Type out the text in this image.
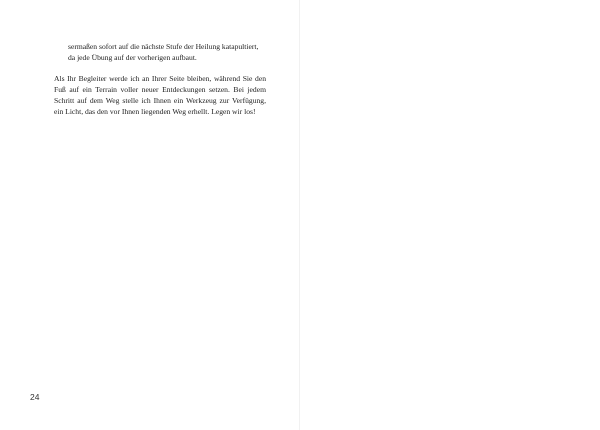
sermaßen sofort auf die nächste Stufe der Heilung katapultiert, da jede Übung auf der vorherigen aufbaut.

Als Ihr Begleiter werde ich an Ihrer Seite bleiben, während Sie den Fuß auf ein Terrain voller neuer Entdeckungen setzen. Bei jedem Schritt auf dem Weg stelle ich Ihnen ein Werkzeug zur Verfügung, ein Licht, das den vor Ihnen liegenden Weg erhellt. Legen wir los!

24
